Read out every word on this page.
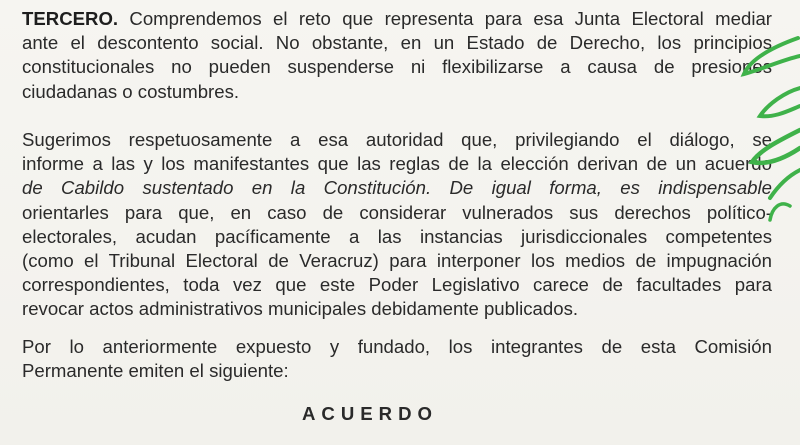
TERCERO. Comprendemos el reto que representa para esa Junta Electoral mediar
ante el descontento social. No obstante, en un Estado de Derecho, los principios
constitucionales no pueden suspenderse ni flexibilizarse a causa de presiones
ciudadanas o costumbres.

Sugerimos respetuosamente a esa autoridad que, privilegiando el diálogo, se
informe a las y los manifestantes que las reglas de la elección derivan de un acuerdo
de Cabildo sustentado en la Constitución. De igual forma, es indispensable
orientarles para que, en caso de considerar vulnerados sus derechos político-
electorales, acudan pacíficamente a las instancias jurisdiccionales competentes
(como el Tribunal Electoral de Veracruz) para interponer los medios de impugnación
correspondientes, toda vez que este Poder Legislativo carece de facultades para
revocar actos administrativos municipales debidamente publicados.

Por lo anteriormente expuesto y fundado, los integrantes de esta Comisión
Permanente emiten el siguiente:

ACUERDO
